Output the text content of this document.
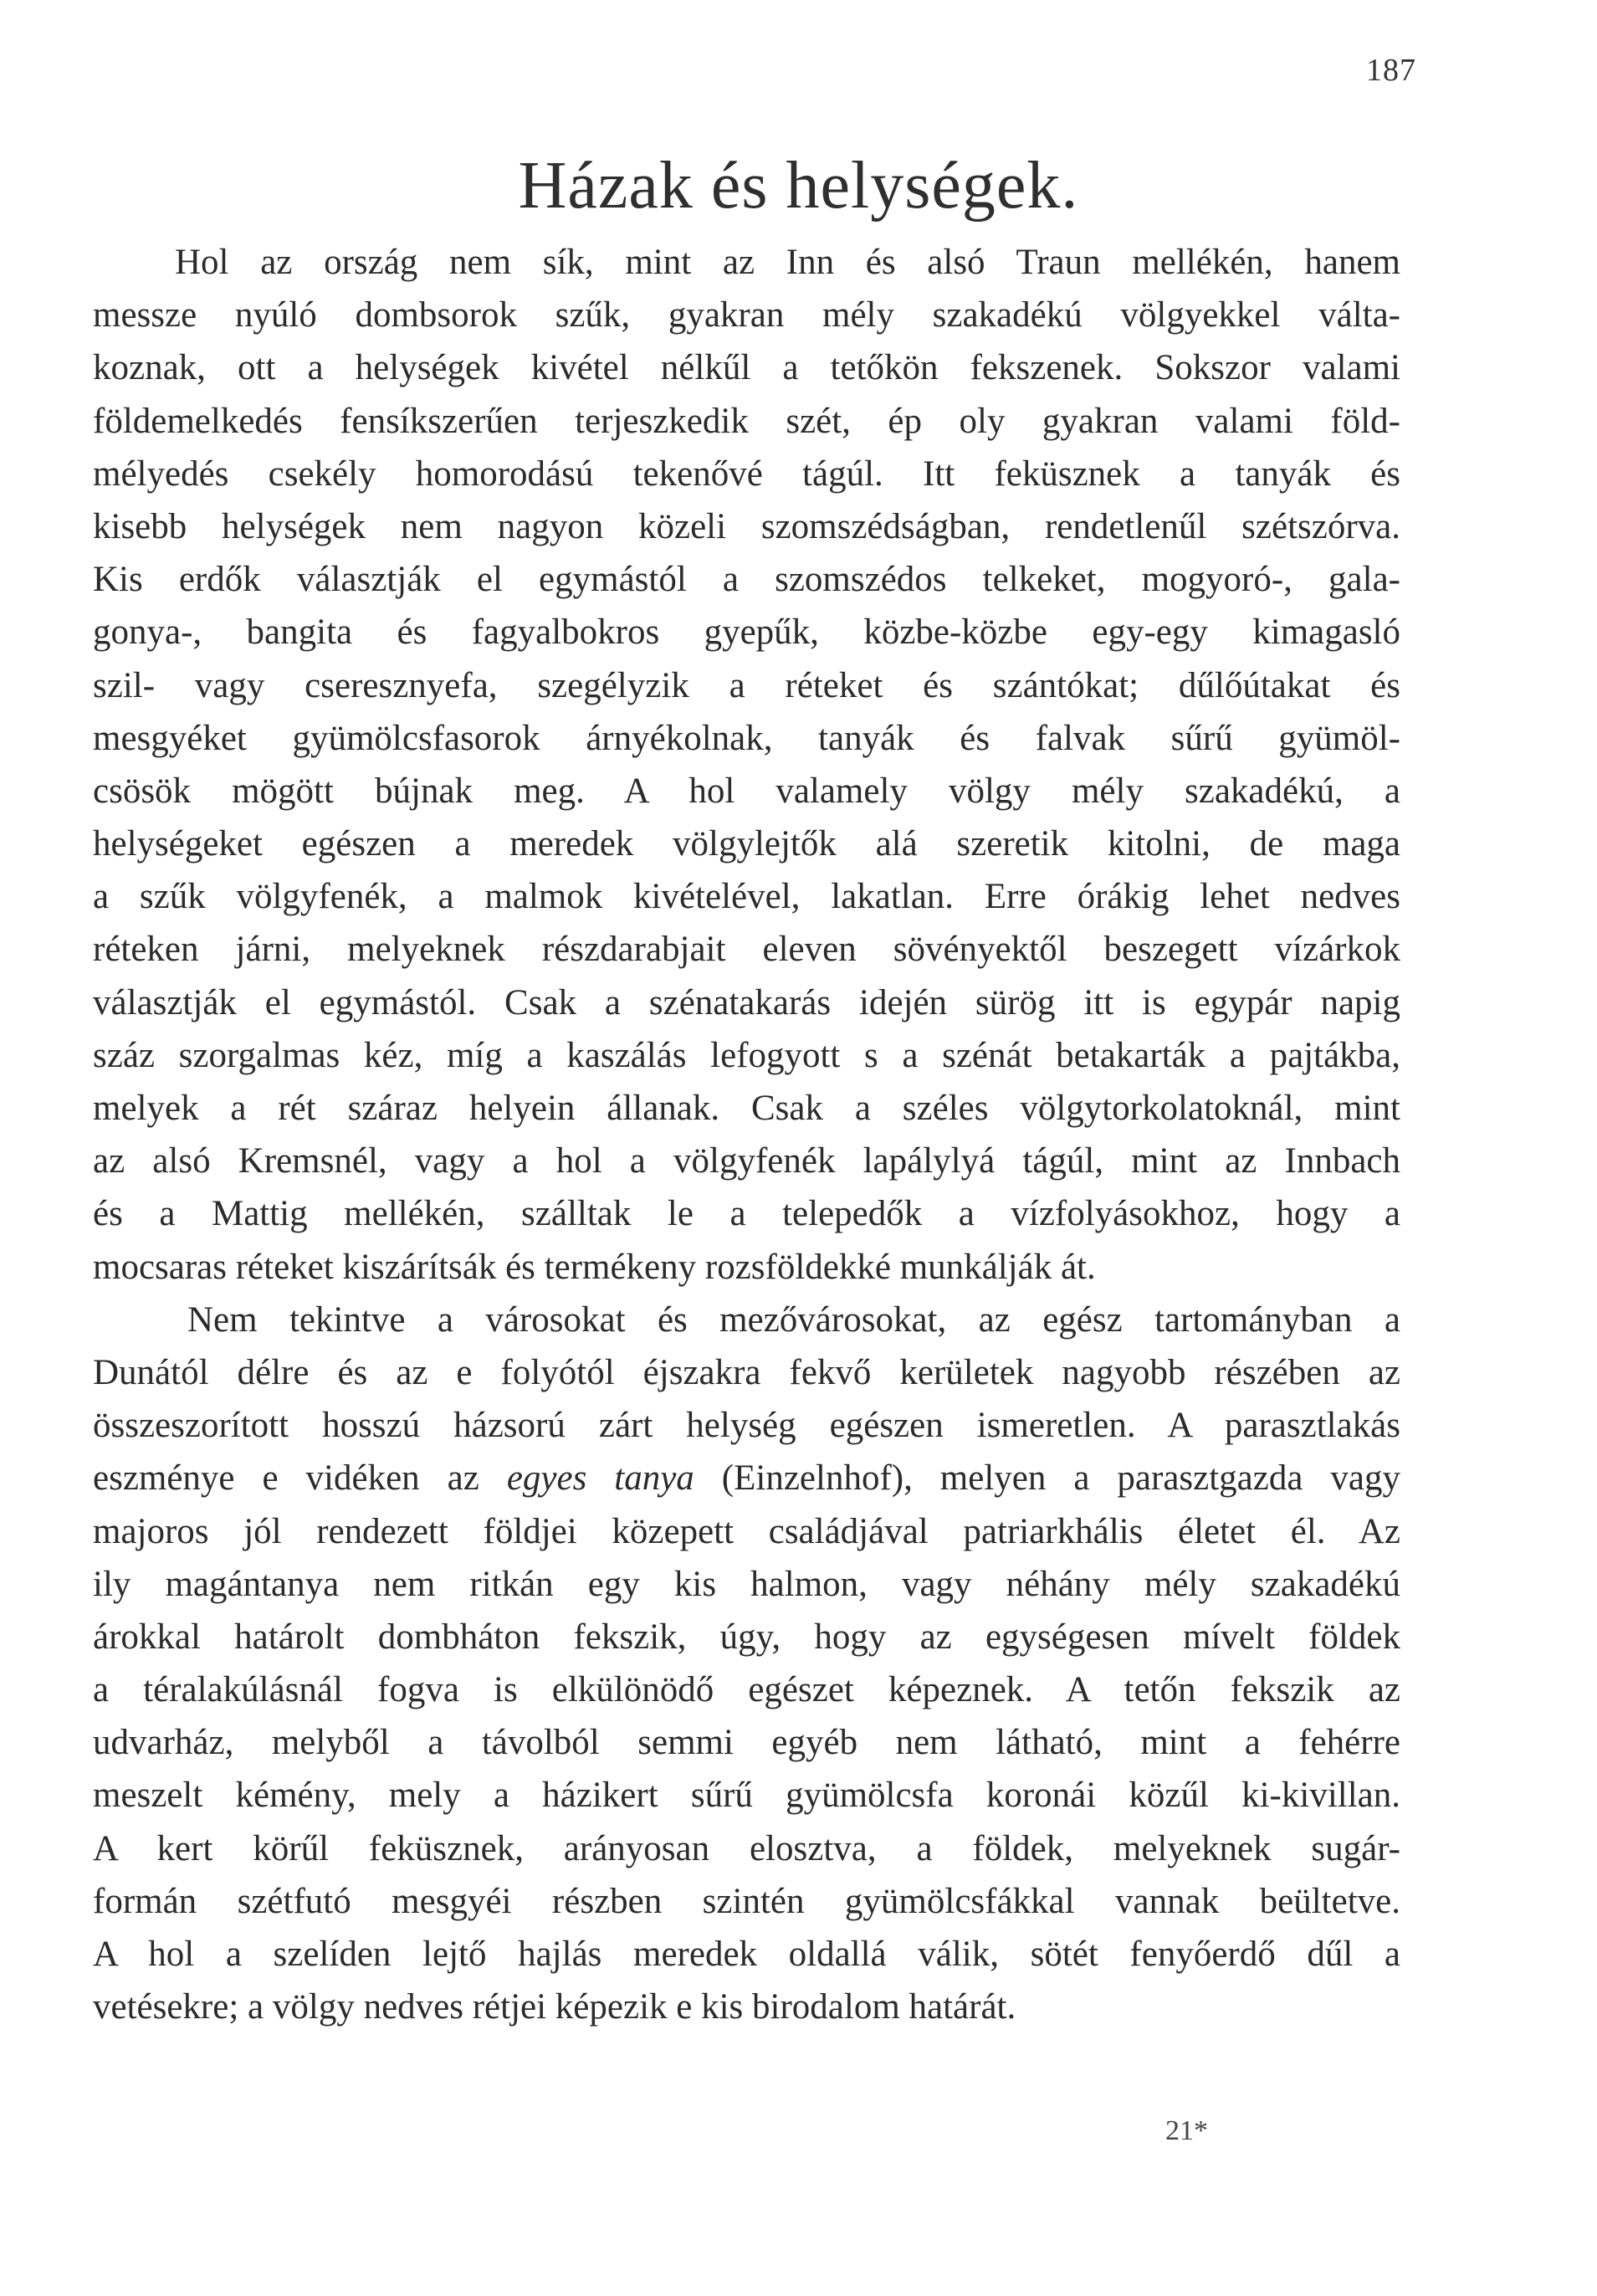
187
Házak és helységek.
Hol az ország nem sík, mint az Inn és alsó Traun mellékén, hanem
messze nyúló dombsorok szűk, gyakran mély szakadékú völgyekkel válta-
koznak, ott a helységek kivétel nélkűl a tetőkön fekszenek. Sokszor valami
földemelkedés fensíkszerűen terjeszkedik szét, ép oly gyakran valami föld-
mélyedés csekély homorodású tekenővé tágúl. Itt feküsznek a tanyák és
kisebb helységek nem nagyon közeli szomszédságban, rendetlenűl szétszórva.
Kis erdők választják el egymástól a szomszédos telkeket, mogyoró-, gala-
gonya-, bangita és fagyalbokros gyepűk, közbe-közbe egy-egy kimagasló
szil- vagy cseresznyefa, szegélyzik a réteket és szántókat; dűlőútakat és
mesgyéket gyümölcsfasorok árnyékolnak, tanyák és falvak sűrű gyümöl-
csösök mögött bújnak meg. A hol valamely völgy mély szakadékú, a
helységeket egészen a meredek völgylejtők alá szeretik kitolni, de maga
a szűk völgyfenék, a malmok kivételével, lakatlan. Erre órákig lehet nedves
réteken járni, melyeknek részdarabjait eleven sövényektől beszegett vízárkok
választják el egymástól. Csak a szénatakarás idején sürög itt is egypár napig
száz szorgalmas kéz, míg a kaszálás lefogyott s a szénát betakarták a pajtákba,
melyek a rét száraz helyein állanak. Csak a széles völgytorkolatoknál, mint
az alsó Kremsnél, vagy a hol a völgyfenék lapálylyá tágúl, mint az Innbach
és a Mattig mellékén, szálltak le a telepedők a vízfolyásokhoz, hogy a
mocsaras réteket kiszárítsák és termékeny rozsföldekké munkálják át.
Nem tekintve a városokat és mezővárosokat, az egész tartományban a
Dunától délre és az e folyótól éjszakra fekvő kerületek nagyobb részében az
összeszorított hosszú házsorú zárt helység egészen ismeretlen. A parasztlakás
eszménye e vidéken az egyes tanya (Einzelnhof), melyen a parasztgazda vagy
majoros jól rendezett földjei közepett családjával patriarkhális életet él. Az
ily magántanya nem ritkán egy kis halmon, vagy néhány mély szakadékú
árokkal határolt dombháton fekszik, úgy, hogy az egységesen mívelt földek
a téralakúlásnál fogva is elkülönödő egészet képeznek. A tetőn fekszik az
udvarház, melyből a távolból semmi egyéb nem látható, mint a fehérre
meszelt kémény, mely a házikert sűrű gyümölcsfa koronái közűl ki-kivillan.
A kert körűl feküsznek, arányosan elosztva, a földek, melyeknek sugár-
formán szétfutó mesgyéi részben szintén gyümölcsfákkal vannak beültetve.
A hol a szelíden lejtő hajlás meredek oldallá válik, sötét fenyőerdő dűl a
vetésekre; a völgy nedves rétjei képezik e kis birodalom határát.
21*
